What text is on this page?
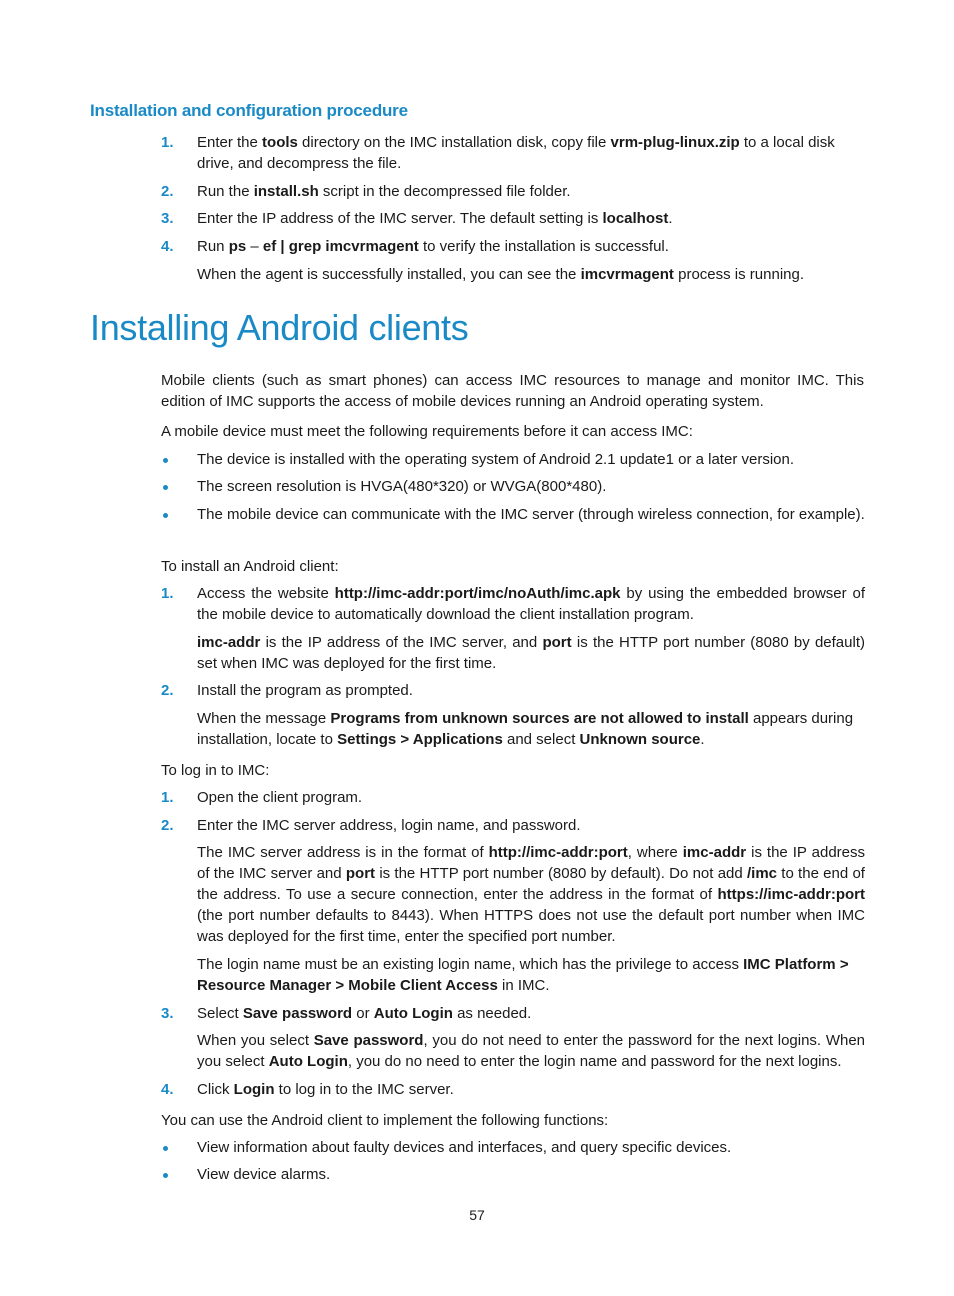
Installation and configuration procedure
1. Enter the tools directory on the IMC installation disk, copy file vrm-plug-linux.zip to a local disk drive, and decompress the file.
2. Run the install.sh script in the decompressed file folder.
3. Enter the IP address of the IMC server. The default setting is localhost.
4. Run ps – ef | grep imcvrmagent to verify the installation is successful.
When the agent is successfully installed, you can see the imcvrmagent process is running.
Installing Android clients
Mobile clients (such as smart phones) can access IMC resources to manage and monitor IMC. This edition of IMC supports the access of mobile devices running an Android operating system.
A mobile device must meet the following requirements before it can access IMC:
The device is installed with the operating system of Android 2.1 update1 or a later version.
The screen resolution is HVGA(480*320) or WVGA(800*480).
The mobile device can communicate with the IMC server (through wireless connection, for example).
To install an Android client:
1. Access the website http://imc-addr:port/imc/noAuth/imc.apk by using the embedded browser of the mobile device to automatically download the client installation program.
imc-addr is the IP address of the IMC server, and port is the HTTP port number (8080 by default) set when IMC was deployed for the first time.
2. Install the program as prompted.
When the message Programs from unknown sources are not allowed to install appears during installation, locate to Settings > Applications and select Unknown source.
To log in to IMC:
1. Open the client program.
2. Enter the IMC server address, login name, and password.
The IMC server address is in the format of http://imc-addr:port, where imc-addr is the IP address of the IMC server and port is the HTTP port number (8080 by default). Do not add /imc to the end of the address. To use a secure connection, enter the address in the format of https://imc-addr:port (the port number defaults to 8443). When HTTPS does not use the default port number when IMC was deployed for the first time, enter the specified port number.
The login name must be an existing login name, which has the privilege to access IMC Platform > Resource Manager > Mobile Client Access in IMC.
3. Select Save password or Auto Login as needed.
When you select Save password, you do not need to enter the password for the next logins. When you select Auto Login, you do no need to enter the login name and password for the next logins.
4. Click Login to log in to the IMC server.
You can use the Android client to implement the following functions:
View information about faulty devices and interfaces, and query specific devices.
View device alarms.
57
